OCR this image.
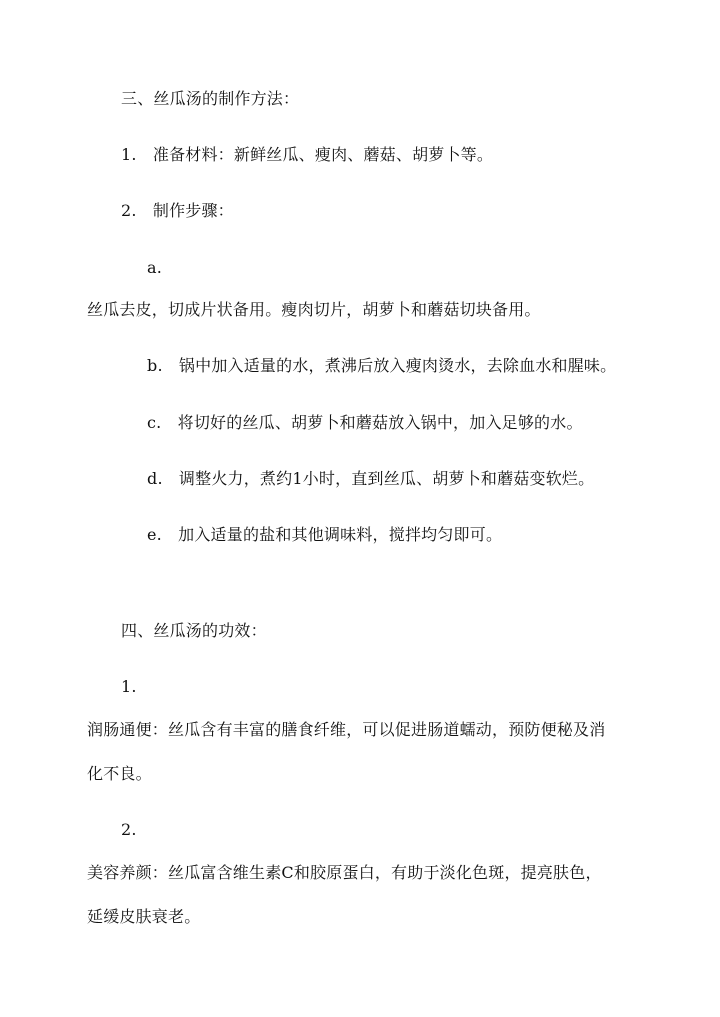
三、丝瓜汤的制作方法：
1.　准备材料：新鲜丝瓜、瘦肉、蘑菇、胡萝卜等。
2.　制作步骤：
a.
丝瓜去皮，切成片状备用。瘦肉切片，胡萝卜和蘑菇切块备用。
b.　锅中加入适量的水，煮沸后放入瘦肉烫水，去除血水和腥味。
c.　将切好的丝瓜、胡萝卜和蘑菇放入锅中，加入足够的水。
d.　调整火力，煮约1小时，直到丝瓜、胡萝卜和蘑菇变软烂。
e.　加入适量的盐和其他调味料，搅拌均匀即可。
四、丝瓜汤的功效：
1.
润肠通便：丝瓜含有丰富的膳食纤维，可以促进肠道蠕动，预防便秘及消
化不良。
2.
美容养颜：丝瓜富含维生素C和胶原蛋白，有助于淡化色斑，提亮肤色，
延缓皮肤衰老。
